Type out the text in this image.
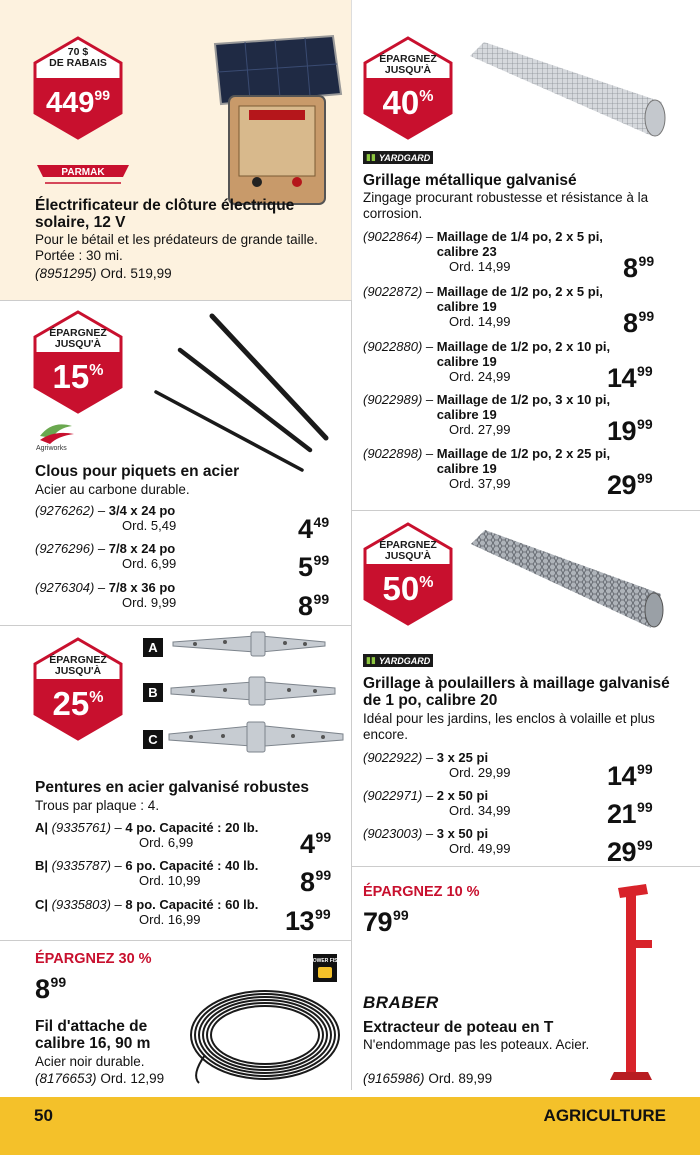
70 $
DE RABAIS
$449^{99}$
PARMAK
Électrificateur de clôture électrique solaire, 12 V
Pour le bétail et les prédateurs de grande taille. Portée : 30 mi.
(8951295) Ord. 519,99
ÉPARGNEZ
JUSQU'À
40%
▮▮ YARDGARD
Grillage métallique galvanisé
Zingage procurant robustesse et résistance à la corrosion.
(9022864) – Maillage de 1/4 po, 2 x 5 pi, calibre 23
Ord. 14,99	$8^{99}$
(9022872) – Maillage de 1/2 po, 2 x 5 pi, calibre 19
Ord. 14,99	$8^{99}$
(9022880) – Maillage de 1/2 po, 2 x 10 pi, calibre 19
Ord. 24,99	$14^{99}$
(9022989) – Maillage de 1/2 po, 3 x 10 pi, calibre 19
Ord. 27,99	$19^{99}$
(9022898) – Maillage de 1/2 po, 2 x 25 pi, calibre 19
Ord. 37,99	$29^{99}$
ÉPARGNEZ
JUSQU'À
15%
Agriworks
Clous pour piquets en acier
Acier au carbone durable.
(9276262) – 3/4 x 24 po
Ord. 5,49	$4^{49}$
(9276296) – 7/8 x 24 po
Ord. 6,99	$5^{99}$
(9276304) – 7/8 x 36 po
Ord. 9,99	$8^{99}$
ÉPARGNEZ
JUSQU'À
50%
▮▮ YARDGARD
Grillage à poulaillers à maillage galvanisé de 1 po, calibre 20
Idéal pour les jardins, les enclos à volaille et plus encore.
(9022922) – 3 x 25 pi
Ord. 29,99	$14^{99}$
(9022971) – 2 x 50 pi
Ord. 34,99	$21^{99}$
(9023003) – 3 x 50 pi
Ord. 49,99	$29^{99}$
ÉPARGNEZ
JUSQU'À
25%
A
B
C
Pentures en acier galvanisé robustes
Trous par plaque : 4.
A| (9335761) – 4 po. Capacité : 20 lb.
Ord. 6,99	$4^{99}$
B| (9335787) – 6 po. Capacité : 40 lb.
Ord. 10,99	$8^{99}$
C| (9335803) – 8 po. Capacité : 60 lb.
Ord. 16,99	$13^{99}$
ÉPARGNEZ 30 %
$8^{99}$
POWER FIST
Fil d'attache de calibre 16, 90 m
Acier noir durable.
(8176653) Ord. 12,99
ÉPARGNEZ 10 %
$79^{99}$
BRABER
Extracteur de poteau en T
N'endommage pas les poteaux. Acier.
(9165986) Ord. 89,99
50	AGRICULTURE
